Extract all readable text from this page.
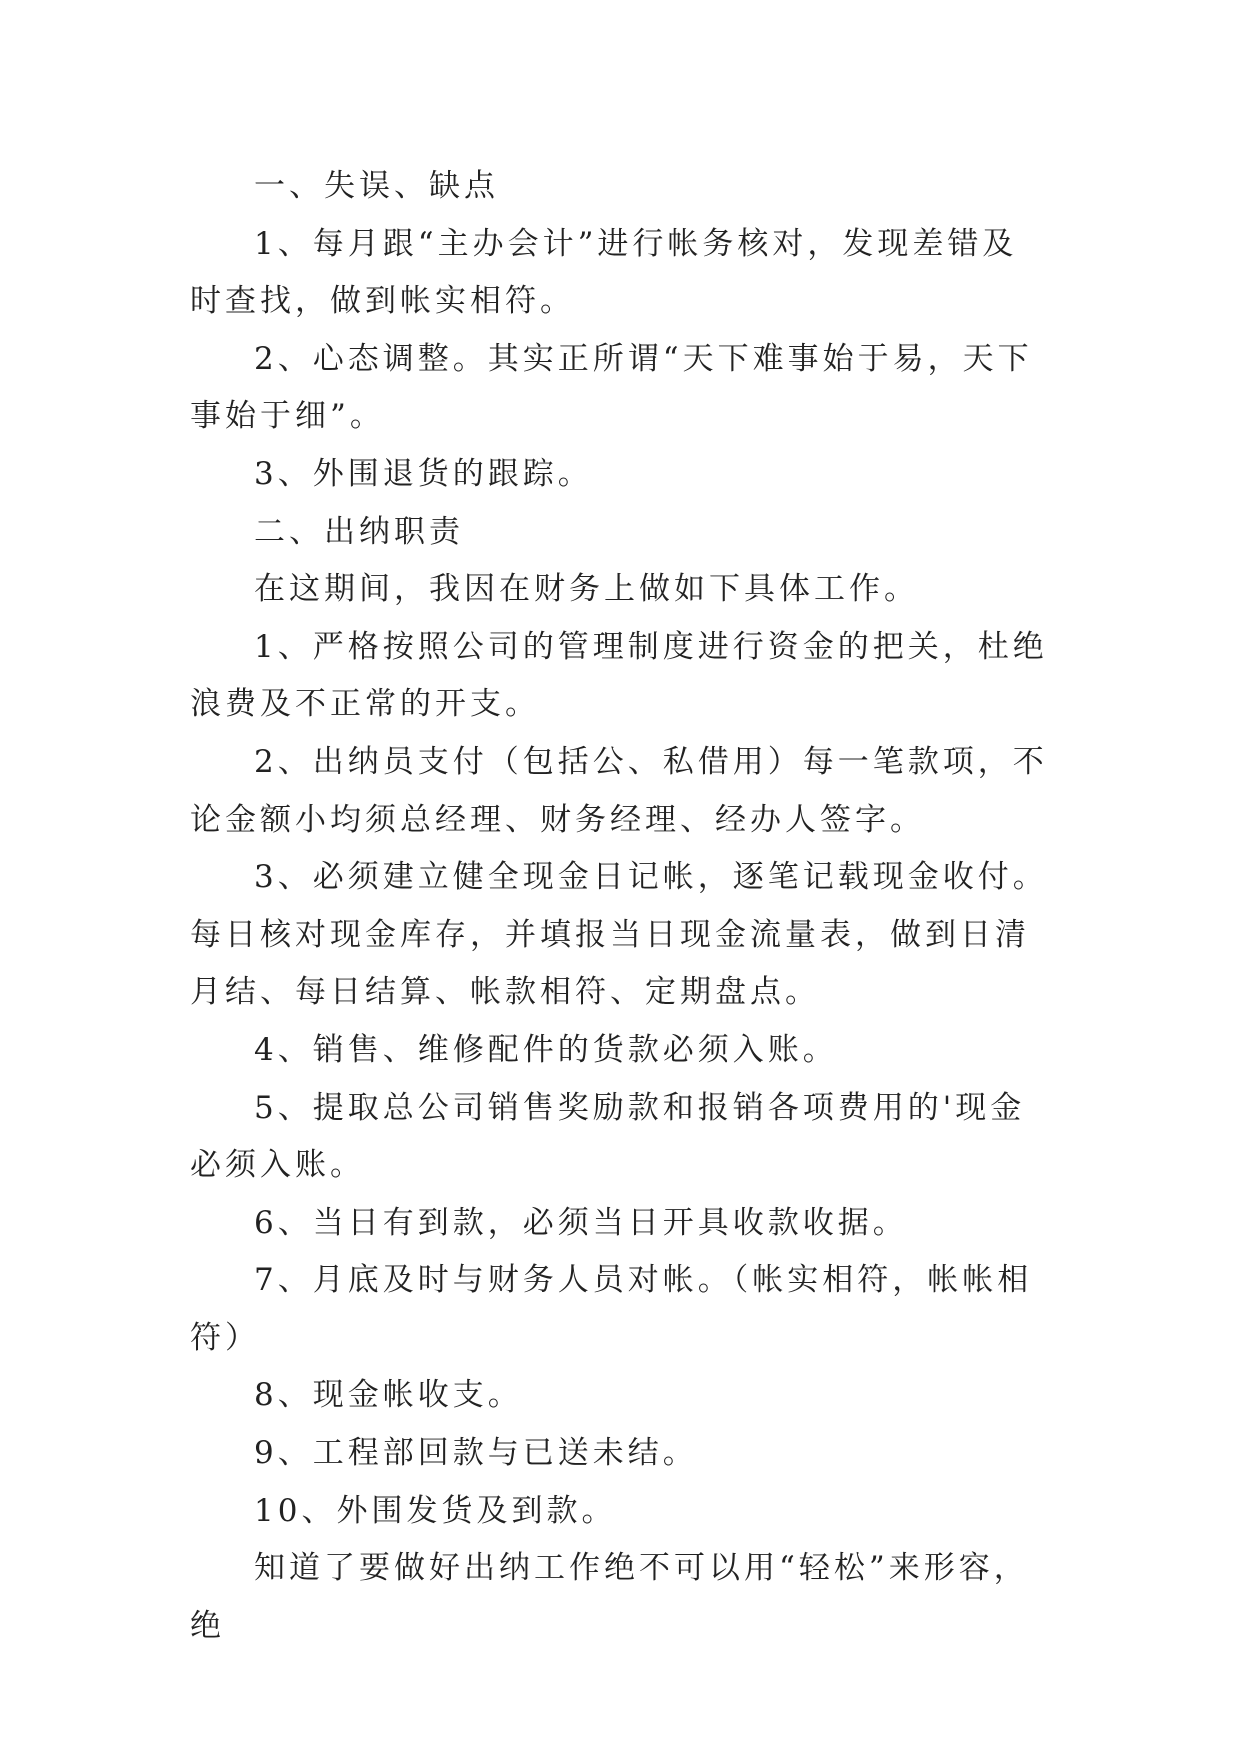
一、失误、缺点

1、每月跟“主办会计”进行帐务核对，发现差错及时查找，做到帐实相符。

2、心态调整。其实正所谓“天下难事始于易，天下事始于细”。

3、外围退货的跟踪。

二、出纳职责

在这期间，我因在财务上做如下具体工作。

1、严格按照公司的管理制度进行资金的把关，杜绝浪费及不正常的开支。

2、出纳员支付（包括公、私借用）每一笔款项，不论金额小均须总经理、财务经理、经办人签字。

3、必须建立健全现金日记帐，逐笔记载现金收付。每日核对现金库存，并填报当日现金流量表，做到日清月结、每日结算、帐款相符、定期盘点。

4、销售、维修配件的货款必须入账。

5、提取总公司销售奖励款和报销各项费用的'现金必须入账。

6、当日有到款，必须当日开具收款收据。

7、月底及时与财务人员对帐。（帐实相符，帐帐相符）

8、现金帐收支。

9、工程部回款与已送未结。

10、外围发货及到款。

知道了要做好出纳工作绝不可以用“轻松”来形容，绝
